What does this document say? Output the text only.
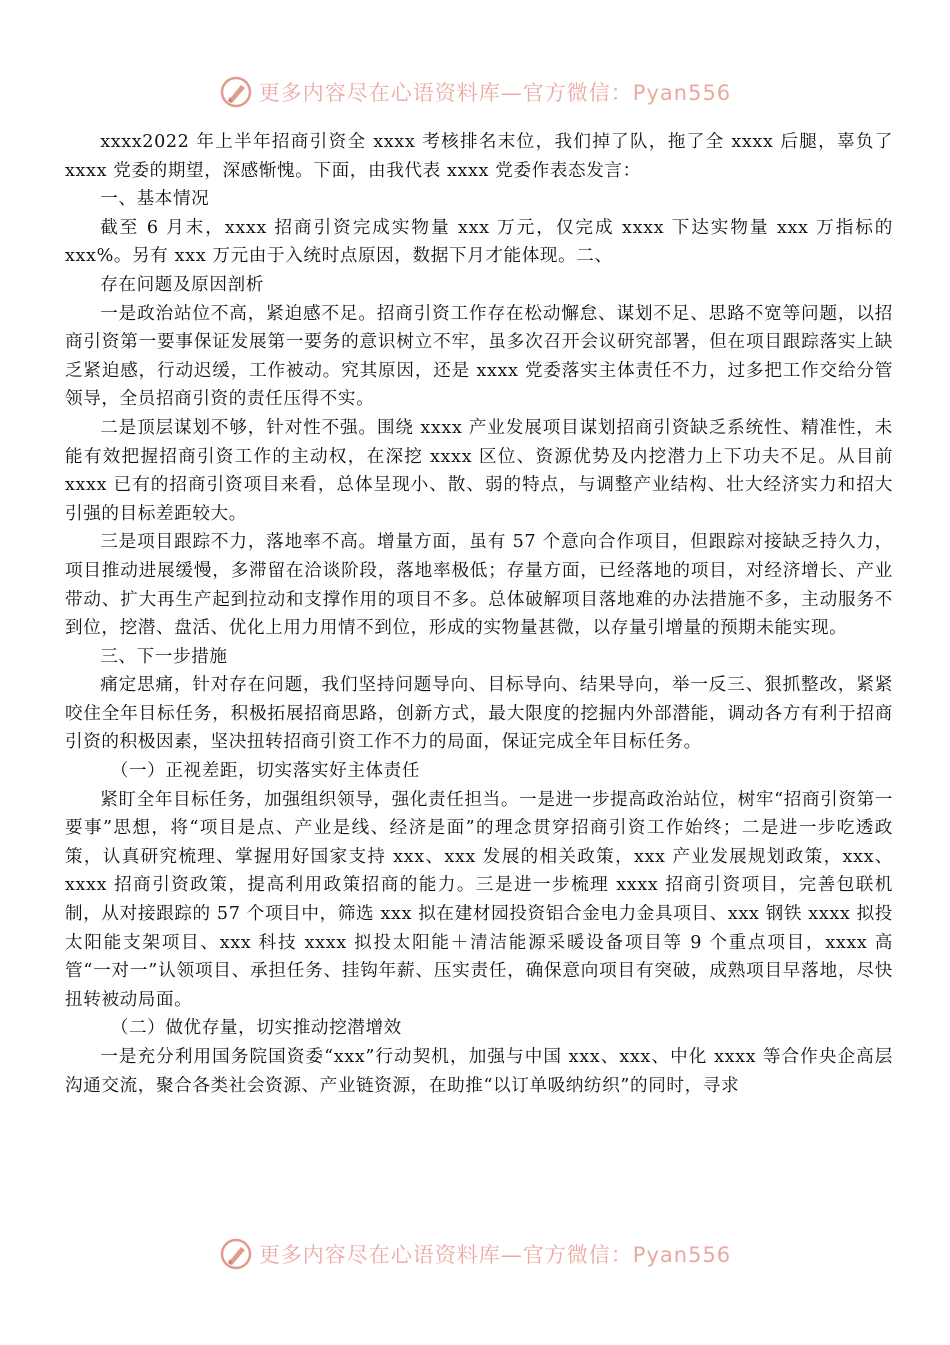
更多内容尽在心语资料库—官方微信：Pyan556

xxxx2022 年上半年招商引资全 xxxx 考核排名末位，我们掉了队，拖了全 xxxx 后腿，辜负了 xxxx 党委的期望，深感惭愧。下面，由我代表 xxxx 党委作表态发言：

一、基本情况

截至 6 月末，xxxx 招商引资完成实物量 xxx 万元，仅完成 xxxx 下达实物量 xxx 万指标的 xxx%。另有 xxx 万元由于入统时点原因，数据下月才能体现。二、

存在问题及原因剖析

一是政治站位不高，紧迫感不足。招商引资工作存在松动懈怠、谋划不足、思路不宽等问题，以招商引资第一要事保证发展第一要务的意识树立不牢，虽多次召开会议研究部署，但在项目跟踪落实上缺乏紧迫感，行动迟缓，工作被动。究其原因，还是 xxxx 党委落实主体责任不力，过多把工作交给分管领导，全员招商引资的责任压得不实。

二是顶层谋划不够，针对性不强。围绕 xxxx 产业发展项目谋划招商引资缺乏系统性、精准性，未能有效把握招商引资工作的主动权，在深挖 xxxx 区位、资源优势及内挖潜力上下功夫不足。从目前 xxxx 已有的招商引资项目来看，总体呈现小、散、弱的特点，与调整产业结构、壮大经济实力和招大引强的目标差距较大。

三是项目跟踪不力，落地率不高。增量方面，虽有 57 个意向合作项目，但跟踪对接缺乏持久力，项目推动进展缓慢，多滞留在洽谈阶段，落地率极低；存量方面，已经落地的项目，对经济增长、产业带动、扩大再生产起到拉动和支撑作用的项目不多。总体破解项目落地难的办法措施不多，主动服务不到位，挖潜、盘活、优化上用力用情不到位，形成的实物量甚微，以存量引增量的预期未能实现。

三、下一步措施

痛定思痛，针对存在问题，我们坚持问题导向、目标导向、结果导向，举一反三、狠抓整改，紧紧咬住全年目标任务，积极拓展招商思路，创新方式，最大限度的挖掘内外部潜能，调动各方有利于招商引资的积极因素，坚决扭转招商引资工作不力的局面，保证完成全年目标任务。

（一）正视差距，切实落实好主体责任

紧盯全年目标任务，加强组织领导，强化责任担当。一是进一步提高政治站位，树牢“招商引资第一要事”思想，将“项目是点、产业是线、经济是面”的理念贯穿招商引资工作始终；二是进一步吃透政策，认真研究梳理、掌握用好国家支持 xxx、xxx 发展的相关政策，xxx 产业发展规划政策，xxx、xxxx 招商引资政策，提高利用政策招商的能力。三是进一步梳理 xxxx 招商引资项目，完善包联机制，从对接跟踪的 57 个项目中，筛选 xxx 拟在建材园投资铝合金电力金具项目、xxx 钢铁 xxxx 拟投太阳能支架项目、xxx 科技 xxxx 拟投太阳能＋清洁能源采暖设备项目等 9 个重点项目，xxxx 高管“一对一”认领项目、承担任务、挂钩年薪、压实责任，确保意向项目有突破，成熟项目早落地，尽快扭转被动局面。

（二）做优存量，切实推动挖潜增效

一是充分利用国务院国资委“xxx”行动契机，加强与中国 xxx、xxx、中化 xxxx 等合作央企高层沟通交流，聚合各类社会资源、产业链资源，在助推“以订单吸纳纺织”的同时，寻求

更多内容尽在心语资料库—官方微信：Pyan556
